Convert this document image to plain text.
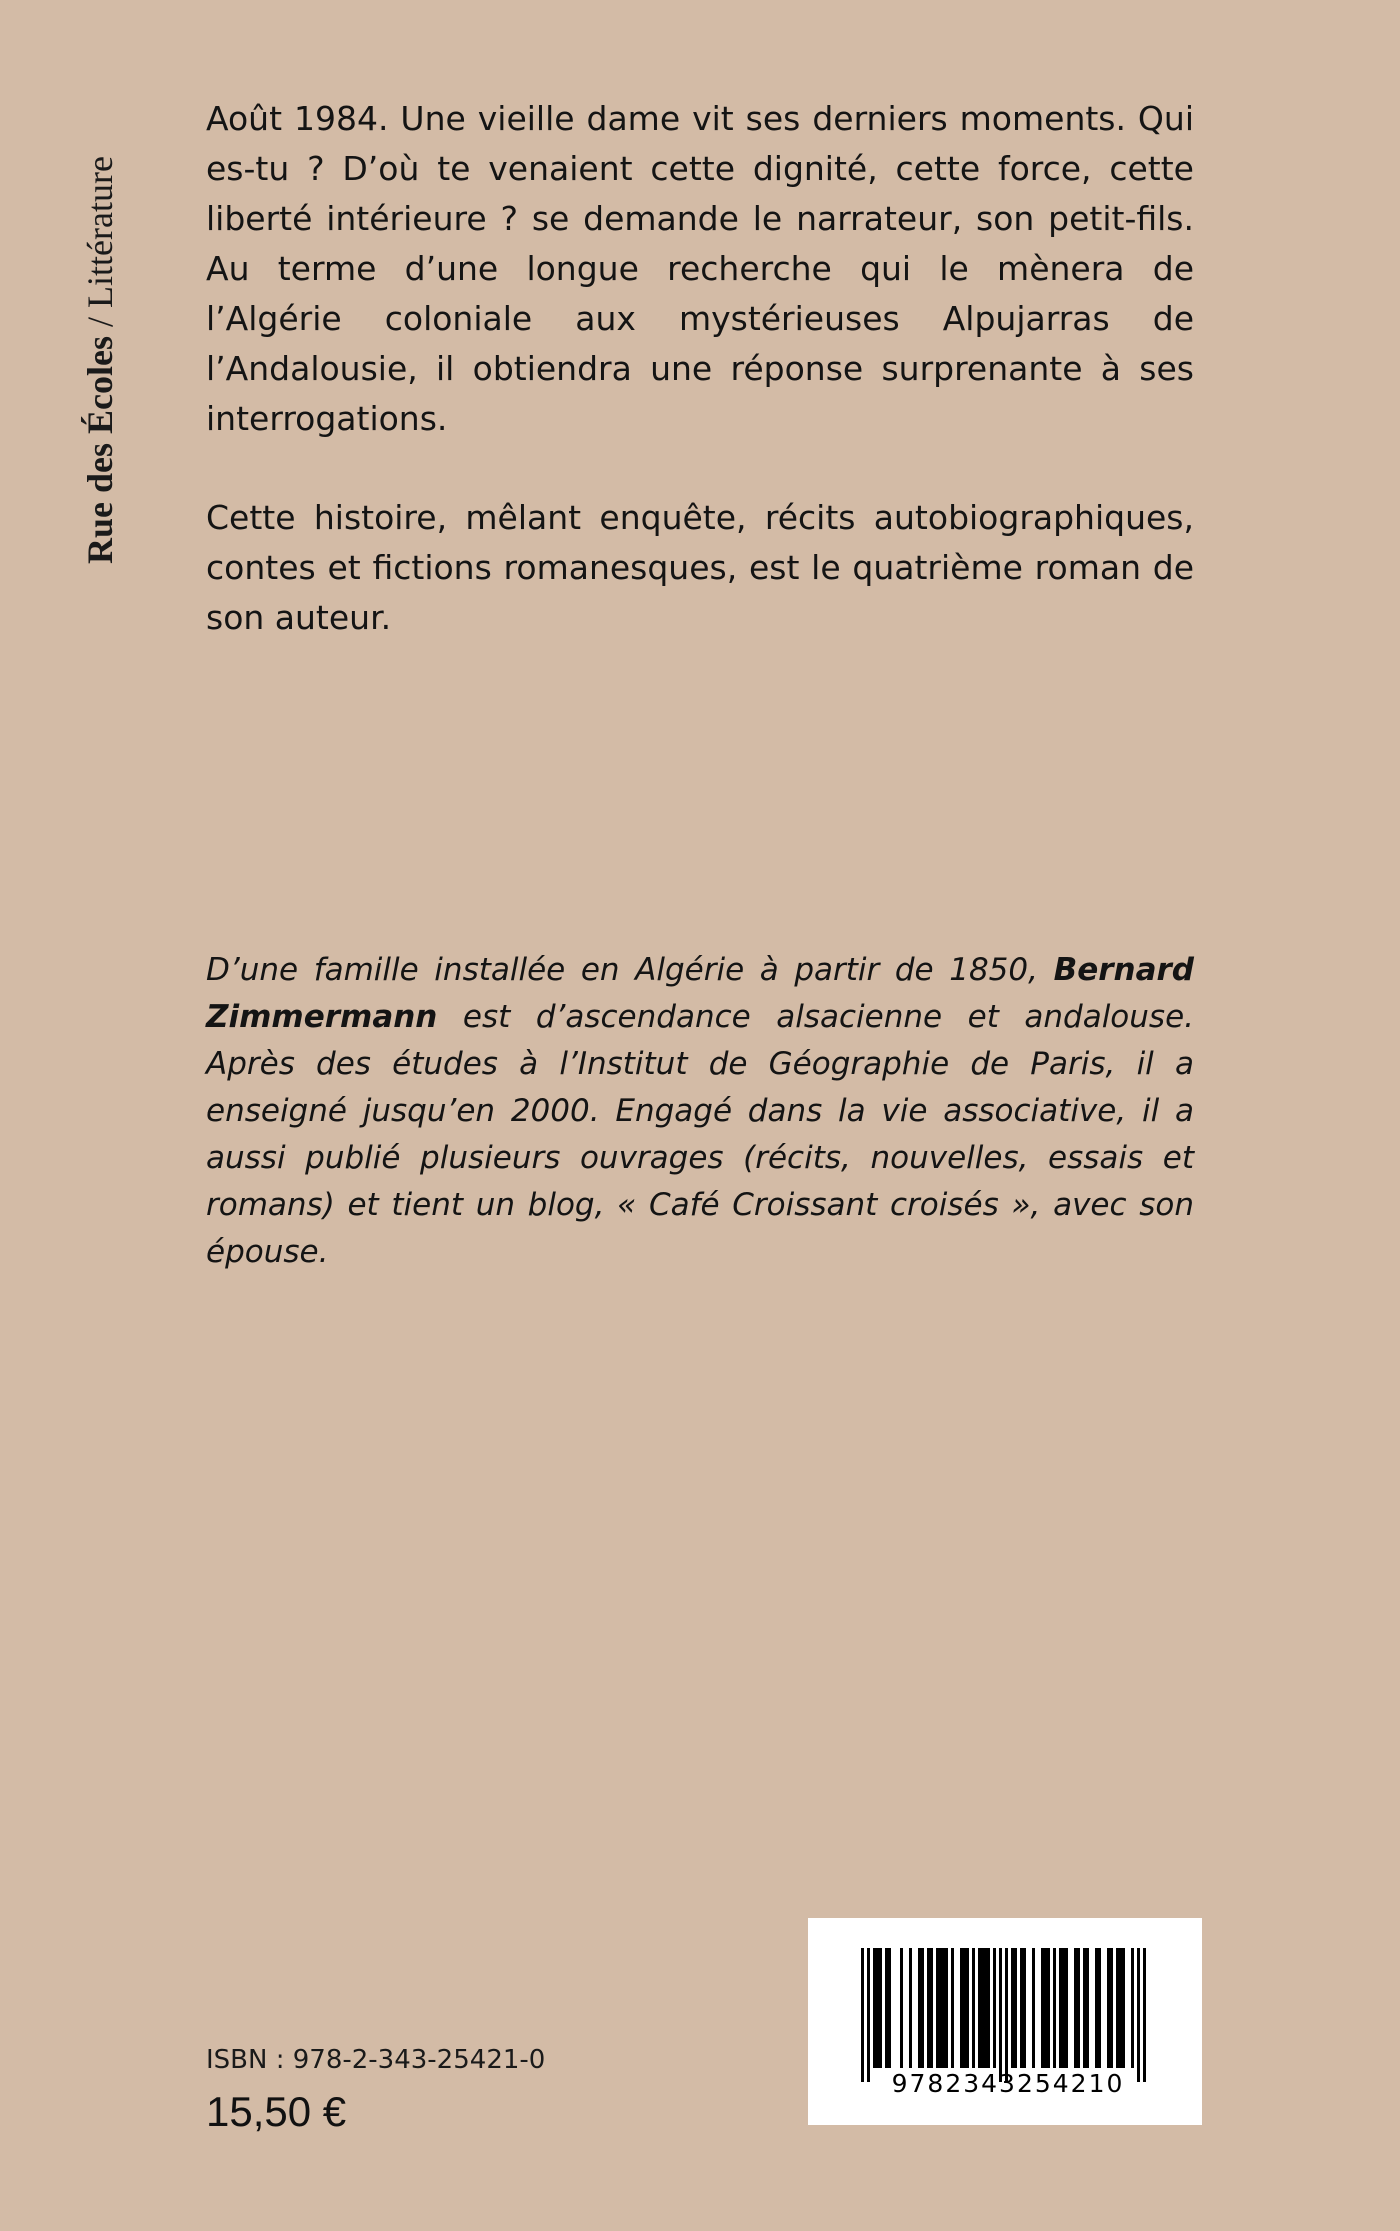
Rue des Écoles / Littérature

Août 1984. Une vieille dame vit ses derniers moments. Qui es-tu ? D’où te venaient cette dignité, cette force, cette liberté intérieure ? se demande le narrateur, son petit-fils. Au terme d’une longue recherche qui le mènera de l’Algérie coloniale aux mystérieuses Alpujarras de l’Andalousie, il obtiendra une réponse surprenante à ses interrogations.

Cette histoire, mêlant enquête, récits autobiographiques, contes et fictions romanesques, est le quatrième roman de son auteur.

D’une famille installée en Algérie à partir de 1850, Bernard Zimmermann est d’ascendance alsacienne et andalouse. Après des études à l’Institut de Géographie de Paris, il a enseigné jusqu’en 2000. Engagé dans la vie associative, il a aussi publié plusieurs ouvrages (récits, nouvelles, essais et romans) et tient un blog, « Café Croissant croisés », avec son épouse.

ISBN : 978-2-343-25421-0
15,50 €
9782343254210
